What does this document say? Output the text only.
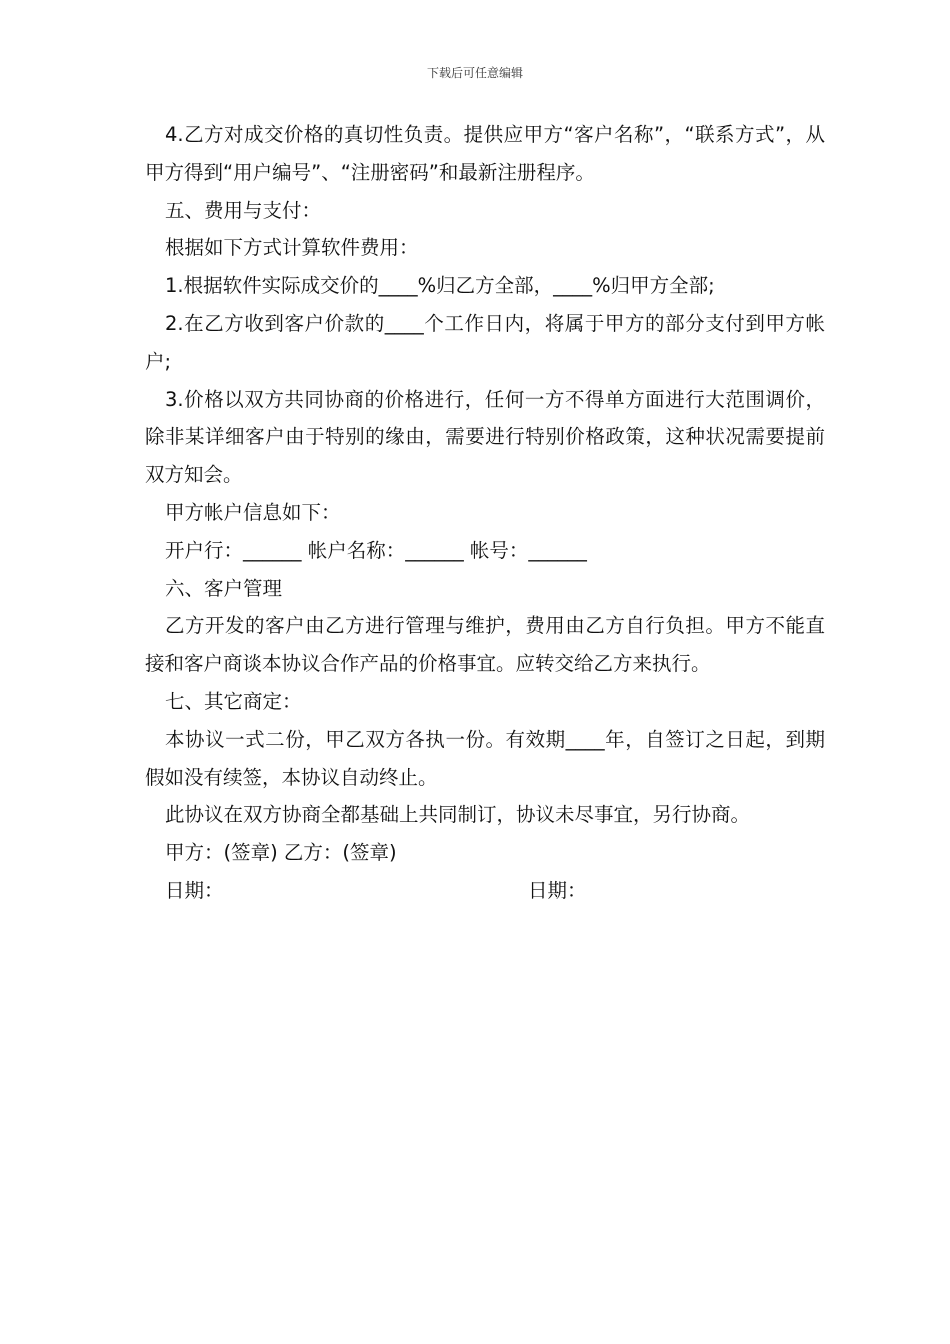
下载后可任意编辑

4.乙方对成交价格的真切性负责。提供应甲方“客户名称”，“联系方式”，从甲方得到“用户编号”、“注册密码”和最新注册程序。

五、费用与支付：

根据如下方式计算软件费用：

1.根据软件实际成交价的____%归乙方全部，____%归甲方全部;

2.在乙方收到客户价款的____个工作日内，将属于甲方的部分支付到甲方帐户;

3.价格以双方共同协商的价格进行，任何一方不得单方面进行大范围调价，除非某详细客户由于特别的缘由，需要进行特别价格政策，这种状况需要提前双方知会。

甲方帐户信息如下：

开户行：______ 帐户名称：______ 帐号：______

六、客户管理

乙方开发的客户由乙方进行管理与维护，费用由乙方自行负担。甲方不能直接和客户商谈本协议合作产品的价格事宜。应转交给乙方来执行。

七、其它商定：

本协议一式二份，甲乙双方各执一份。有效期____年，自签订之日起，到期假如没有续签，本协议自动终止。

此协议在双方协商全都基础上共同制订，协议未尽事宜，另行协商。

甲方：(签章) 乙方：(签章)

日期：	日期：
